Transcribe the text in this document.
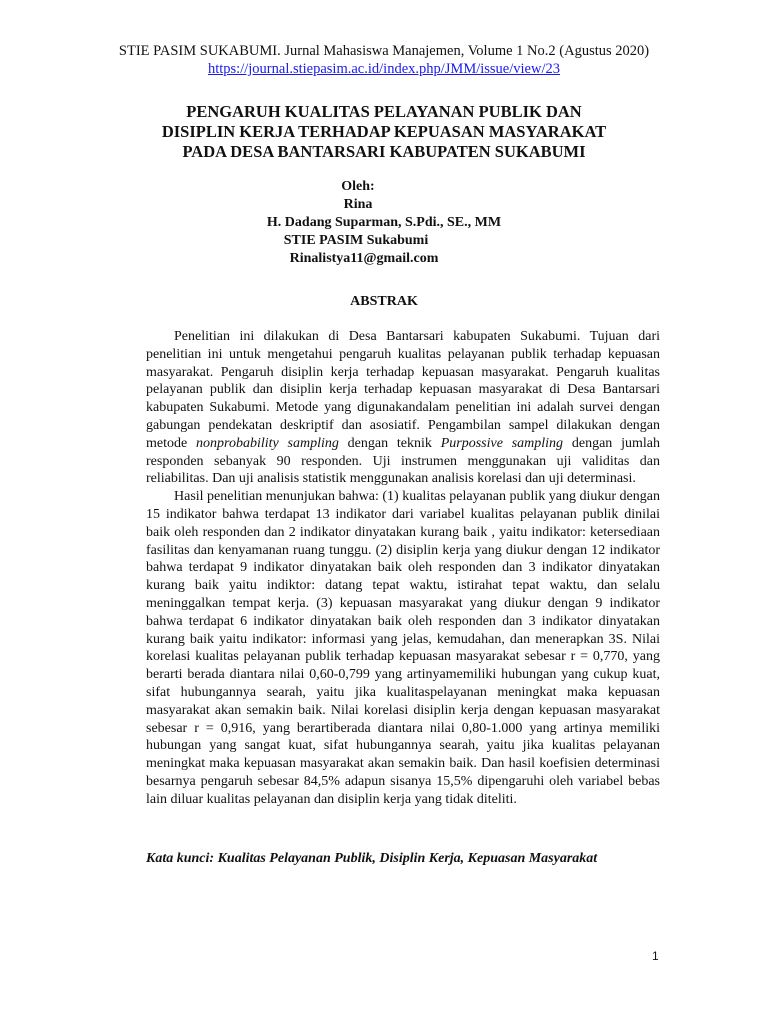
STIE PASIM SUKABUMI. Jurnal Mahasiswa Manajemen, Volume 1 No.2 (Agustus 2020)
https://journal.stiepasim.ac.id/index.php/JMM/issue/view/23
PENGARUH KUALITAS PELAYANAN PUBLIK DAN
DISIPLIN KERJA TERHADAP KEPUASAN MASYARAKAT
PADA DESA BANTARSARI KABUPATEN SUKABUMI
Oleh:
Rina
H. Dadang Suparman, S.Pdi., SE., MM
STIE PASIM Sukabumi
Rinalistya11@gmail.com
ABSTRAK

Penelitian ini dilakukan di Desa Bantarsari kabupaten Sukabumi. Tujuan dari penelitian ini untuk mengetahui pengaruh kualitas pelayanan publik terhadap kepuasan masyarakat. Pengaruh disiplin kerja terhadap kepuasan masyarakat. Pengaruh kualitas pelayanan publik dan disiplin kerja terhadap kepuasan masyarakat di Desa Bantarsari kabupaten Sukabumi. Metode yang digunakandalam penelitian ini adalah survei dengan gabungan pendekatan deskriptif dan asosiatif. Pengambilan sampel dilakukan dengan metode nonprobability sampling dengan teknik Purpossive sampling dengan jumlah responden sebanyak 90 responden. Uji instrumen menggunakan uji validitas dan reliabilitas. Dan uji analisis statistik menggunakan analisis korelasi dan uji determinasi.

Hasil penelitian menunjukan bahwa: (1) kualitas pelayanan publik yang diukur dengan 15 indikator bahwa terdapat 13 indikator dari variabel kualitas pelayanan publik dinilai baik oleh responden dan 2 indikator dinyatakan kurang baik , yaitu indikator: ketersediaan fasilitas dan kenyamanan ruang tunggu. (2) disiplin kerja yang diukur dengan 12 indikator bahwa terdapat 9 indikator dinyatakan baik oleh responden dan 3 indikator dinyatakan kurang baik yaitu indiktor: datang tepat waktu, istirahat tepat waktu, dan selalu meninggalkan tempat kerja. (3) kepuasan masyarakat yang diukur dengan 9 indikator bahwa terdapat 6 indikator dinyatakan baik oleh responden dan 3 indikator dinyatakan kurang baik yaitu indikator: informasi yang jelas, kemudahan, dan menerapkan 3S. Nilai korelasi kualitas pelayanan publik terhadap kepuasan masyarakat sebesar r = 0,770, yang berarti berada diantara nilai 0,60-0,799 yang artinyamemiliki hubungan yang cukup kuat, sifat hubungannya searah, yaitu jika kualitaspelayanan meningkat maka kepuasan masyarakat akan semakin baik. Nilai korelasi disiplin kerja dengan kepuasan masyarakat sebesar r = 0,916, yang berartiberada diantara nilai 0,80-1.000 yang artinya memiliki hubungan yang sangat kuat, sifat hubungannya searah, yaitu jika kualitas pelayanan meningkat maka kepuasan masyarakat akan semakin baik. Dan hasil koefisien determinasi besarnya pengaruh sebesar 84,5% adapun sisanya 15,5% dipengaruhi oleh variabel bebas lain diluar kualitas pelayanan dan disiplin kerja yang tidak diteliti.

Kata kunci: Kualitas Pelayanan Publik, Disiplin Kerja, Kepuasan Masyarakat
1
